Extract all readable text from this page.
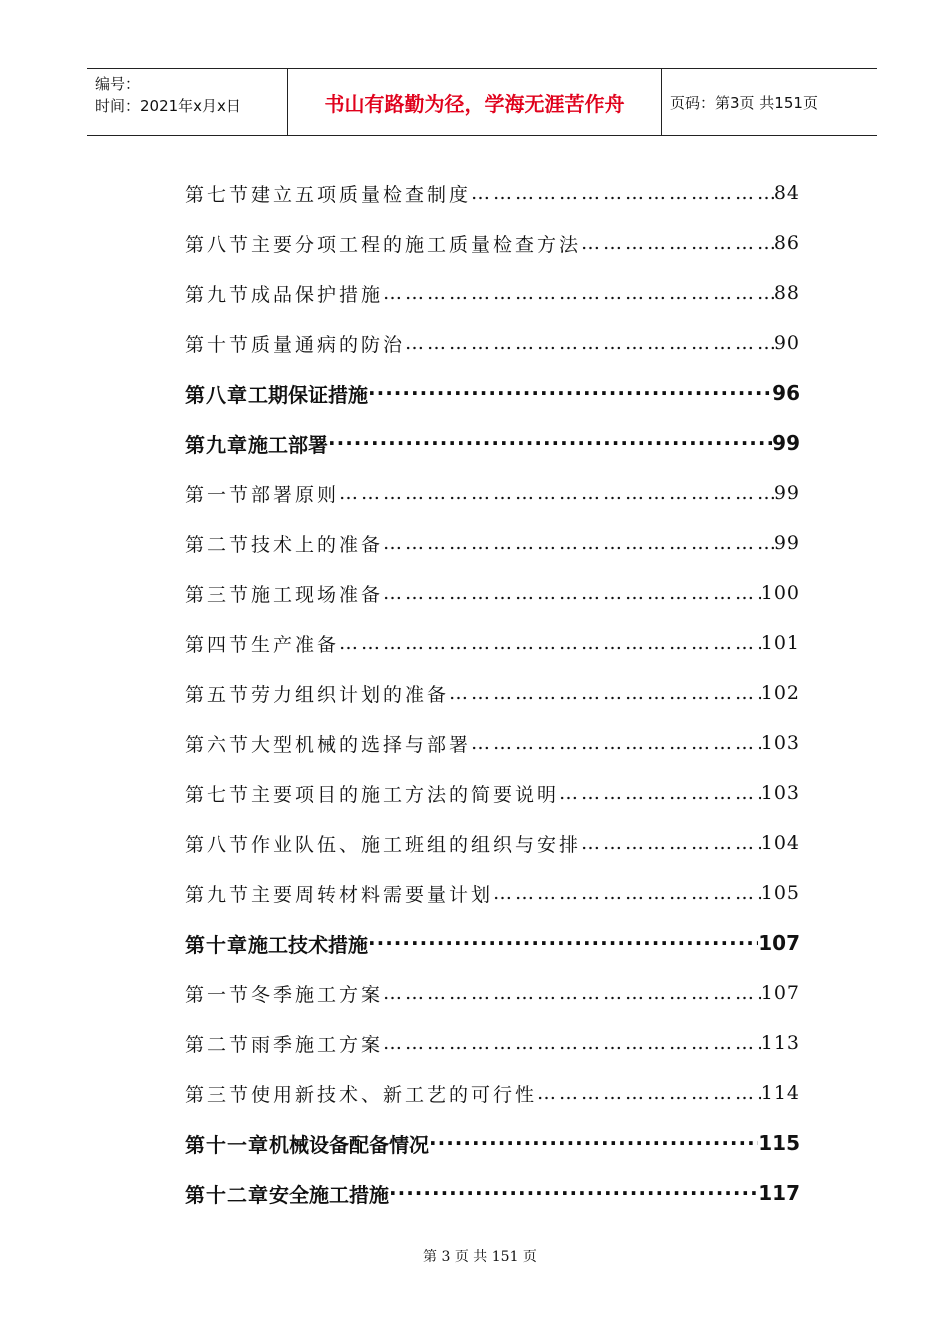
编号：
时间：2021年x月x日	书山有路勤为径，学海无涯苦作舟	页码：第3页 共151页
第七节 建立五项质量检查制度 ………………………………………………………………………………………………	84
第八节 主要分项工程的施工质量检查方法 ………………………………………………………………………………………………	86
第九节 成品保护措施 ………………………………………………………………………………………………	88
第十节 质量通病的防治 ………………………………………………………………………………………………	90
第八章 工期保证措施 ·····	96
第九章 施工部署 ·····	99
第一节 部署原则 ………………………………………………………………………………………………	99
第二节 技术上的准备 ………………………………………………………………………………………………	99
第三节 施工现场准备 ………………………………………………………………………………………………	100
第四节 生产准备 ………………………………………………………………………………………………	101
第五节 劳力组织计划的准备 ………………………………………………………………………………………………	102
第六节 大型机械的选择与部署 ………………………………………………………………………………………………	103
第七节 主要项目的施工方法的简要说明 ………………………………………………………………………………………………	103
第八节 作业队伍、施工班组的组织与安排 ………………………………………………………………………………………………	104
第九节 主要周转材料需要量计划 ………………………………………………………………………………………………	105
第十章 施工技术措施 ·····	107
第一节 冬季施工方案 ………………………………………………………………………………………………	107
第二节 雨季施工方案 ………………………………………………………………………………………………	113
第三节 使用新技术、新工艺的可行性 ………………………………………………………………………………………………	114
第十一章 机械设备配备情况 ·····	115
第十二章 安全施工措施 ·····	117
第 3 页 共 151 页
